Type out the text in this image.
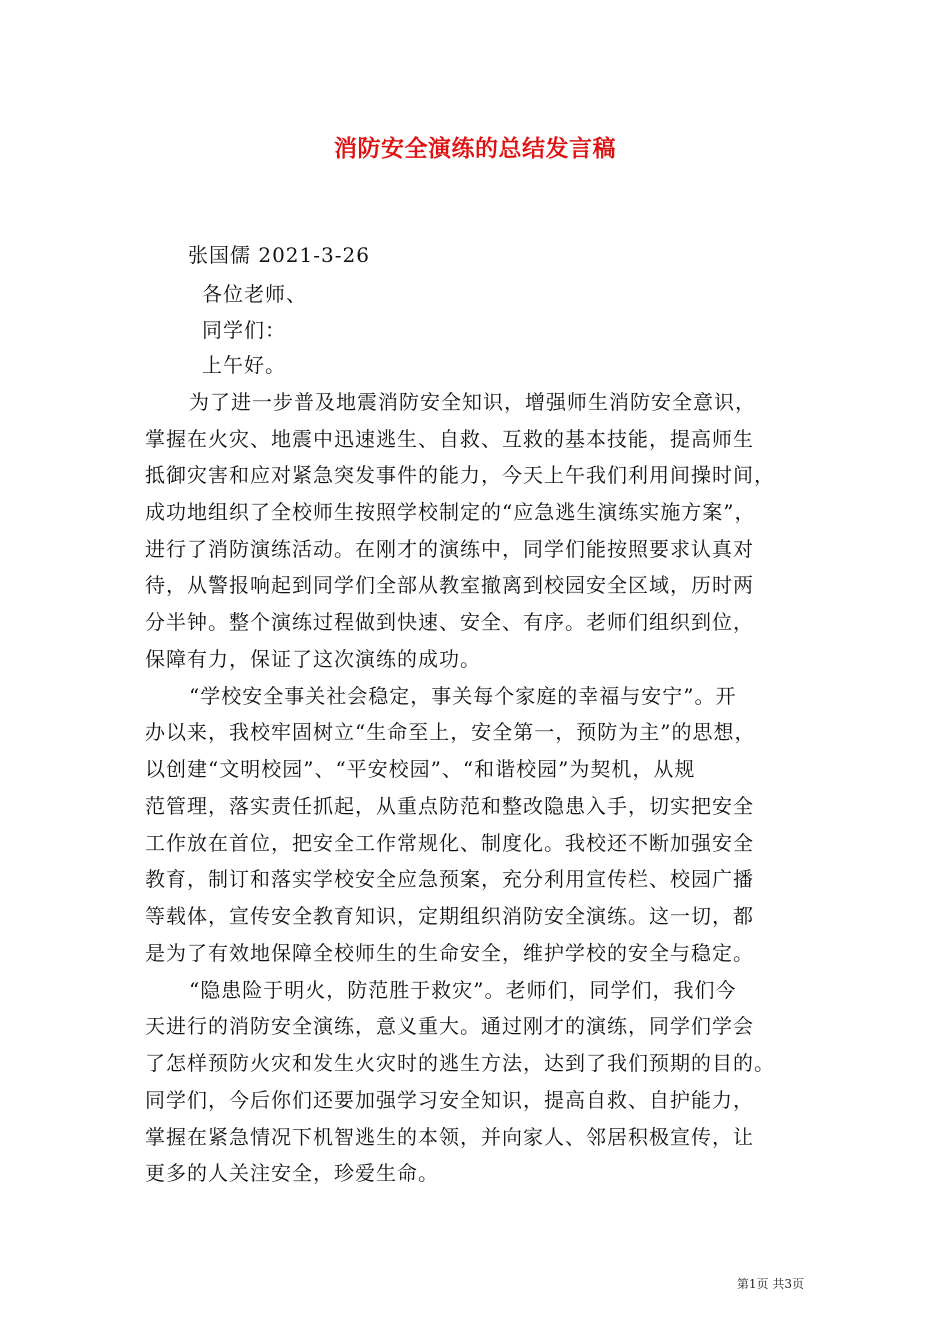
消防安全演练的总结发言稿
张国儒 2021-3-26
各位老师、
同学们：
上午好。
为了进一步普及地震消防安全知识，增强师生消防安全意识，
掌握在火灾、地震中迅速逃生、自救、互救的基本技能，提高师生
抵御灾害和应对紧急突发事件的能力，今天上午我们利用间操时间，
成功地组织了全校师生按照学校制定的“应急逃生演练实施方案”，
进行了消防演练活动。在刚才的演练中，同学们能按照要求认真对
待，从警报响起到同学们全部从教室撤离到校园安全区域，历时两
分半钟。整个演练过程做到快速、安全、有序。老师们组织到位，
保障有力，保证了这次演练的成功。
“学校安全事关社会稳定，事关每个家庭的幸福与安宁”。开
办以来，我校牢固树立“生命至上，安全第一，预防为主”的思想，
以创建“文明校园”、“平安校园”、“和谐校园”为契机，从规
范管理，落实责任抓起，从重点防范和整改隐患入手，切实把安全
工作放在首位，把安全工作常规化、制度化。我校还不断加强安全
教育，制订和落实学校安全应急预案，充分利用宣传栏、校园广播
等载体，宣传安全教育知识，定期组织消防安全演练。这一切，都
是为了有效地保障全校师生的生命安全，维护学校的安全与稳定。
“隐患险于明火，防范胜于救灾”。老师们，同学们，我们今
天进行的消防安全演练，意义重大。通过刚才的演练，同学们学会
了怎样预防火灾和发生火灾时的逃生方法，达到了我们预期的目的。
同学们，今后你们还要加强学习安全知识，提高自救、自护能力，
掌握在紧急情况下机智逃生的本领，并向家人、邻居积极宣传，让
更多的人关注安全，珍爱生命。
第1页 共3页
